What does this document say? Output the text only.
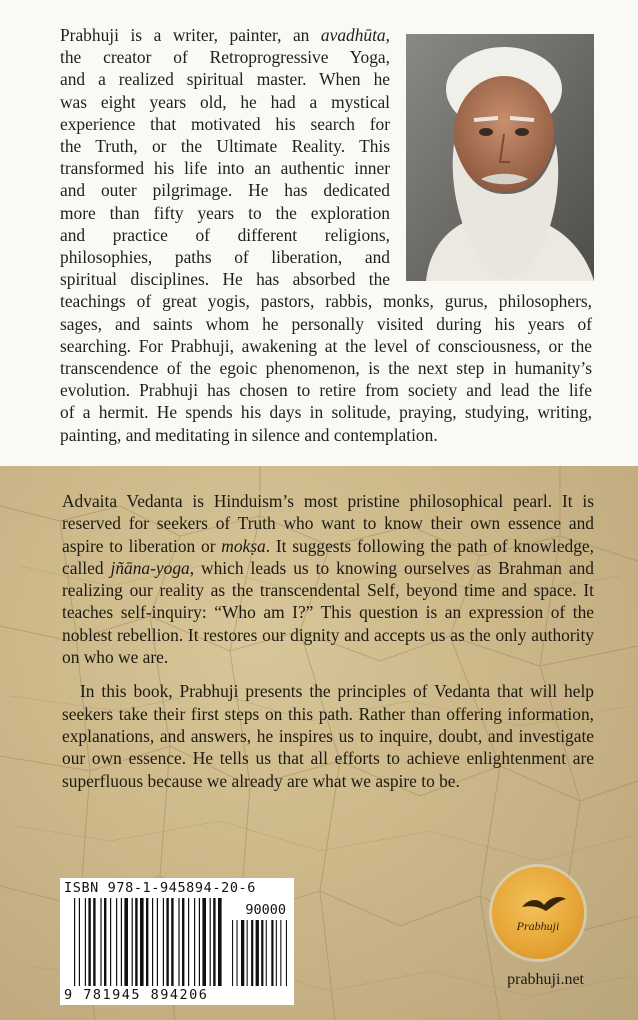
Prabhuji is a writer, painter, an avadhūta,
the creator of Retroprogressive Yoga,
and a realized spiritual master. When he
was eight years old, he had a mystical
experience that motivated his search for
the Truth, or the Ultimate Reality. This
transformed his life into an authentic inner
and outer pilgrimage. He has dedicated
more than fifty years to the exploration
and practice of different religions,
philosophies, paths of liberation, and
spiritual disciplines. He has absorbed the
teachings of great yogis, pastors, rabbis, monks, gurus, philosophers,
sages, and saints whom he personally visited during his years of
searching. For Prabhuji, awakening at the level of consciousness, or the
transcendence of the egoic phenomenon, is the next step in humanity’s
evolution. Prabhuji has chosen to retire from society and lead the life
of a hermit. He spends his days in solitude, praying, studying, writing,
painting, and meditating in silence and contemplation.

Advaita Vedanta is Hinduism’s most pristine philosophical pearl. It is reserved for seekers of Truth who want to know their own essence and aspire to liberation or mokṣa. It suggests following the path of knowledge, called jñāna-yoga, which leads us to knowing ourselves as Brahman and realizing our reality as the transcendental Self, beyond time and space. It teaches self-inquiry: “Who am I?” This question is an expression of the noblest rebellion. It restores our dignity and accepts us as the only authority on who we are.

In this book, Prabhuji presents the principles of Vedanta that will help seekers take their first steps on this path. Rather than offering information, explanations, and answers, he inspires us to inquire, doubt, and investigate our own essence. He tells us that all efforts to achieve enlightenment are superfluous because we already are what we aspire to be.

ISBN 978-1-945894-20-6
90000
9 781945 894206
Prabhuji
prabhuji.net
